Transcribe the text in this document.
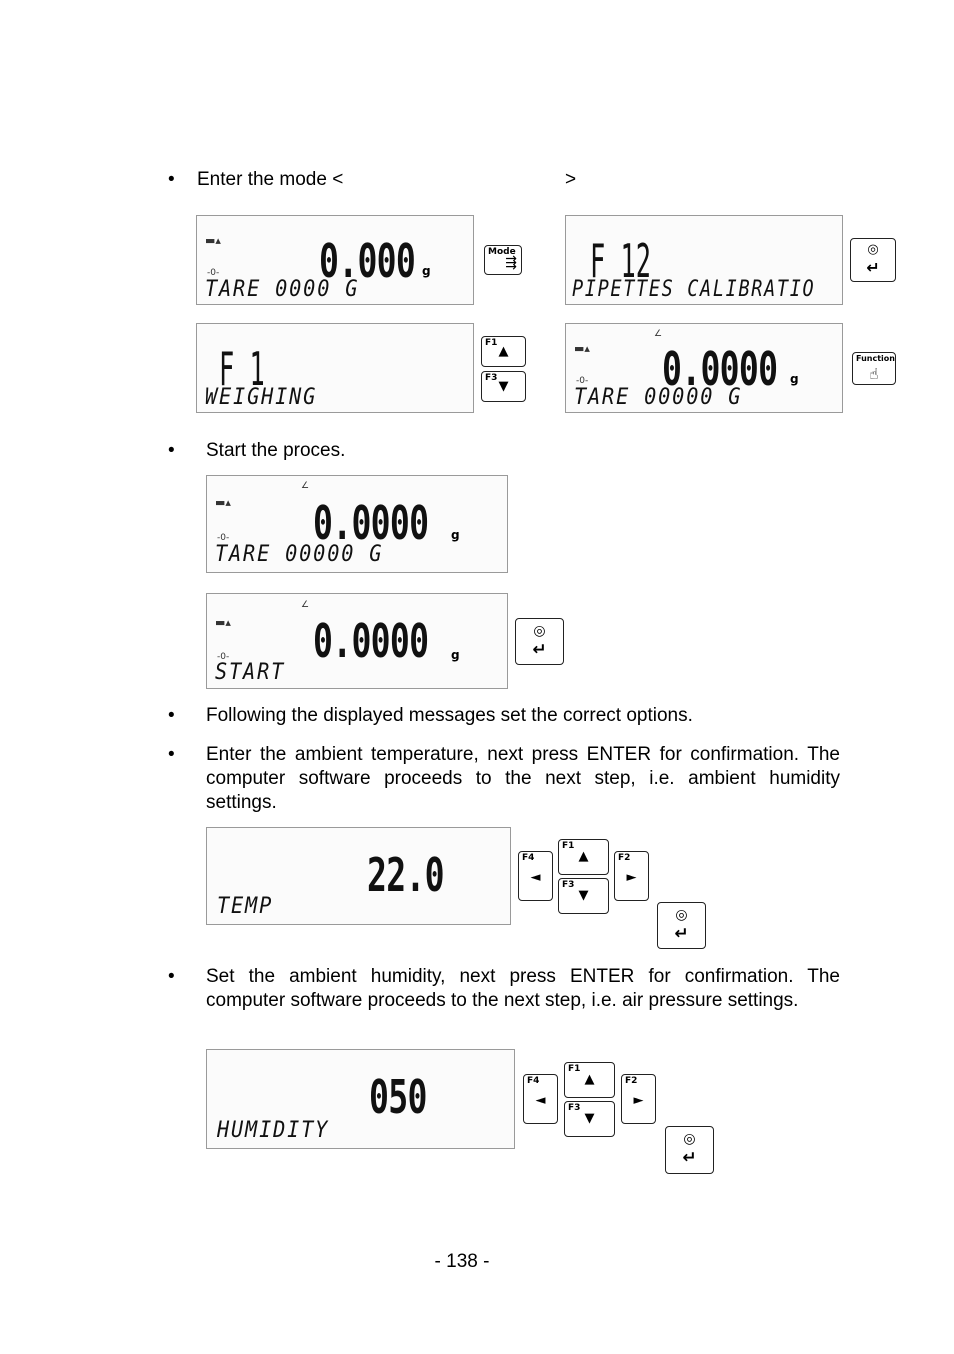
• Enter the mode <	>
▬▴
-0- 0.000 g
TARE 0000 G
Mode
⇶ F 12
PIPETTES CALIBRATIO
◎
↵
F 1
WEIGHING
F1
▲
F3
▼
▬▴
∠
-0- 0.0000 g
TARE 00000 G
Function
☝
• Start the proces.
▬▴
∠
-0- 0.0000 g
TARE 00000 G
▬▴
∠
-0- 0.0000 g
START
◎
↵
• Following the displayed messages set the correct options.
• Enter the ambient temperature, next press ENTER for confirmation. The computer software proceeds to the next step, i.e. ambient humidity settings.
22.0
TEMP
F4
◄
F1
▲
F3
▼
F2
►
◎
↵
• Set the ambient humidity, next press ENTER for confirmation. The computer software proceeds to the next step, i.e. air pressure settings.
050
HUMIDITY
F4
◄
F1
▲
F3
▼
F2
►
◎
↵
- 138 -
